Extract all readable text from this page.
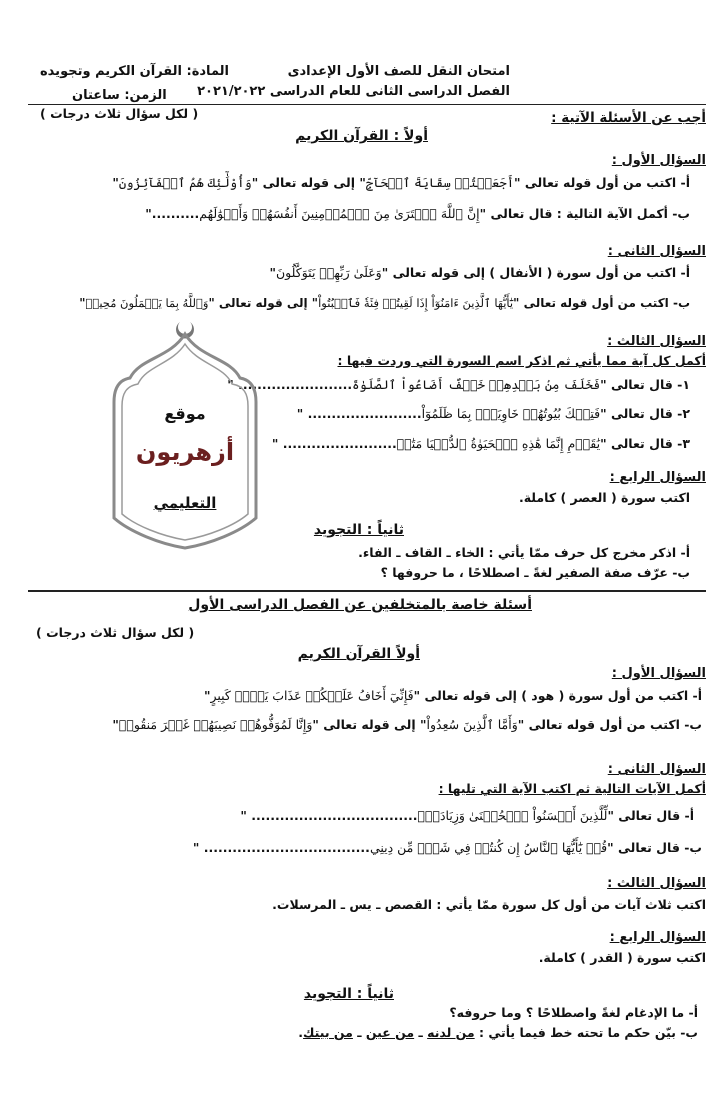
امتحان النقل للصف الأول الإعدادى
الفصل الدراسى الثانى للعام الدراسى ٢٠٢١/٢٠٢٢
المادة: القرآن الكريم وتجويده
الزمن: ساعتان
أجب عن الأسئلة الآتية :
( لكل سؤال ثلاث درجات )
أولاً : القرآن الكريم
السؤال الأول :
أ- اكتب من أول قوله تعالى "أَجَعَلۡتُمۡ سِقَايَةَ ٱلۡحَآجِّ" إلى قوله تعالى "وَأُوْلَٰٓئِكَ هُمُ ٱلۡفَآئِزُونَ"
ب- أكمل الآية التالية : قال تعالى "إِنَّ ٱللَّهَ ٱشۡتَرَىٰ مِنَ ٱلۡمُؤۡمِنِينَ أَنفُسَهُمۡ وَأَمۡوَٰلَهُم.........."
السؤال الثانى :
أ- اكتب من أول سورة ( الأنفال ) إلى قوله تعالى "وَعَلَىٰ رَبِّهِمۡ يَتَوَكَّلُونَ"
ب- اكتب من أول قوله تعالى "يَٰٓأَيُّهَا ٱلَّذِينَ ءَامَنُوٓاْ إِذَا لَقِيتُمۡ فِئَةٗ فَٱثۡبُتُواْ" إلى قوله تعالى "وَٱللَّهُ بِمَا يَعۡمَلُونَ مُحِيطٞ"
السؤال الثالث :
أكمل كل آية مما يأتي ثم اذكر اسم السورة التي وردت فيها :
١- قال تعالى "فَخَلَفَ مِنۢ بَعۡدِهِمۡ خَلۡفٌ أَضَاعُواْ ٱلصَّلَوٰةَ........................ "
٢- قال تعالى "فَتِلۡكَ بُيُوتُهُمۡ خَاوِيَةَۢ بِمَا ظَلَمُوٓاْ........................ "
٣- قال تعالى "يَٰقَوۡمِ إِنَّمَا هَٰذِهِ ٱلۡحَيَوٰةُ ٱلدُّنۡيَا مَتَٰعٞ........................ "
السؤال الرابع :
اكتب سورة ( العصر ) كاملة.
ثانياً : التجويد
أ- اذكر مخرج كل حرف ممّا يأتي : الخاء ـ القاف ـ الفاء.
ب- عرّف صفة الصفير لغةً ـ اصطلاحًا ، ما حروفها ؟
موقع
أزهريون
التعليمي
أسئلة خاصة بالمتخلفين عن الفصل الدراسى الأول
( لكل سؤال ثلاث درجات )
أولاً القرآن الكريم
السؤال الأول :
أ- اكتب من أول سورة ( هود ) إلى قوله تعالى "فَإِنِّيٓ أَخَافُ عَلَيۡكُمۡ عَذَابَ يَوۡمٖ كَبِيرٍ"
ب- اكتب من أول قوله تعالى "وَأَمَّا ٱلَّذِينَ سُعِدُواْ" إلى قوله تعالى "وَإِنَّا لَمُوَفُّوهُمۡ نَصِيبَهُمۡ غَيۡرَ مَنقُوصٖ"
السؤال الثانى :
أكمل الآيات التالية ثم اكتب الآية التي تليها :
أ- قال تعالى "لِّلَّذِينَ أَحۡسَنُواْ ٱلۡحُسۡنَىٰ وَزِيَادَةٞۖ................................... "
ب- قال تعالى "قُلۡ يَٰٓأَيُّهَا ٱلنَّاسُ إِن كُنتُمۡ فِي شَكّٖ مِّن دِينِي................................... "
السؤال الثالث :
اكتب ثلاث آيات من أول كل سورة ممّا يأتي : القصص ـ يس ـ المرسلات.
السؤال الرابع :
اكتب سورة ( القدر ) كاملة.
ثانياً : التجويد
أ- ما الإدغام لغةً واصطلاحًا ؟ وما حروفه؟
ب- بيّن حكم ما تحته خط فيما يأتي : من لدنه ـ من عين ـ من بيتك.
